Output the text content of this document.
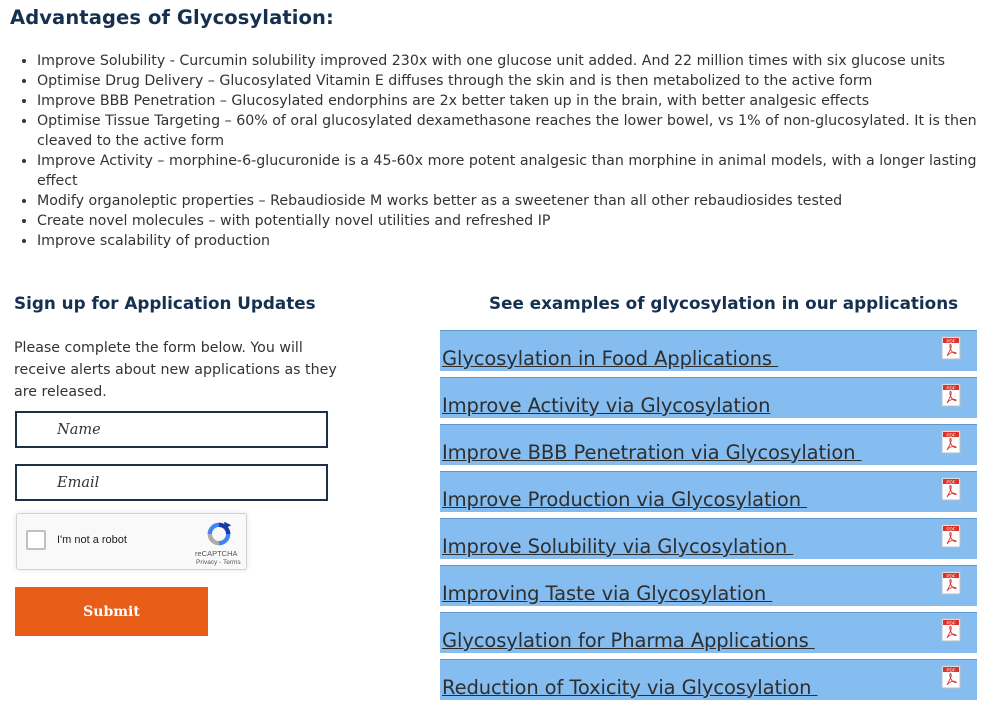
Advantages of Glycosylation:
• Improve Solubility - Curcumin solubility improved 230x with one glucose unit added. And 22 million times with six glucose units
• Optimise Drug Delivery – Glucosylated Vitamin E diffuses through the skin and is then metabolized to the active form
• Improve BBB Penetration – Glucosylated endorphins are 2x better taken up in the brain, with better analgesic effects
• Optimise Tissue Targeting – 60% of oral glucosylated dexamethasone reaches the lower bowel, vs 1% of non-glucosylated. It is then cleaved to the active form
• Improve Activity – morphine-6-glucuronide is a 45-60x more potent analgesic than morphine in animal models, with a longer lasting effect
• Modify organoleptic properties – Rebaudioside M works better as a sweetener than all other rebaudiosides tested
• Create novel molecules – with potentially novel utilities and refreshed IP
• Improve scalability of production
Sign up for Application Updates	See examples of glycosylation in our applications

Please complete the form below. You will receive alerts about new applications as they are released.

Name
Email
I'm not a robot
reCAPTCHA
Privacy - Terms
Submit
Glycosylation in Food Applications
PDF
Improve Activity via Glycosylation
PDF
Improve BBB Penetration via Glycosylation
PDF
Improve Production via Glycosylation
PDF
Improve Solubility via Glycosylation
PDF
Improving Taste via Glycosylation
PDF
Glycosylation for Pharma Applications
PDF
Reduction of Toxicity via Glycosylation
PDF
